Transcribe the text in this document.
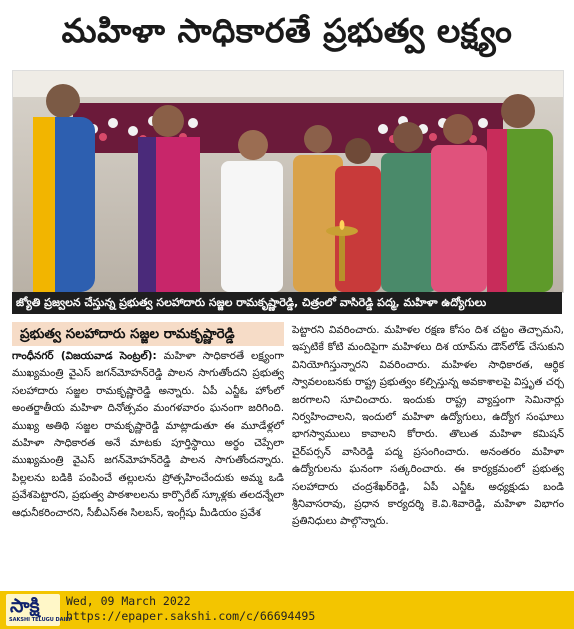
మహిళా సాధికారతే ప్రభుత్వ లక్ష్యం
జ్యోతి ప్రజ్వలన చేస్తున్న ప్రభుత్వ సలహాదారు సజ్జల రామకృష్ణారెడ్డి, చిత్రంలో వాసిరెడ్డి పద్మ, మహిళా ఉద్యోగులు
ప్రభుత్వ సలహాదారు సజ్జల రామకృష్ణారెడ్డి

గాంధీనగర్ (విజయవాడ సెంట్రల్): మహిళా సాధికారతే లక్ష్యంగా ముఖ్యమంత్రి వైఎస్ జగన్‌మోహన్‌రెడ్డి పాలన సాగుతోందని ప్రభుత్వ సలహాదారు సజ్జల రామకృష్ణారెడ్డి అన్నారు. ఏపీ ఎన్జీఓ హోంలో అంతర్జాతీయ మహిళా దినోత్సవం మంగళవారం ఘనంగా జరిగింది. ముఖ్య అతిథి సజ్జల రామకృష్ణారెడ్డి మాట్లాడుతూ ఈ మూడేళ్లలో మహిళా సాధికారత అనే మాటకు పూర్తిస్థాయి అర్థం చెప్పేలా ముఖ్యమంత్రి వైఎస్ జగన్‌మోహన్‌రెడ్డి పాలన సాగుతోందన్నారు. పిల్లలను బడికి పంపించే తల్లులను ప్రోత్సహించేందుకు అమ్మ ఒడి ప్రవేశపెట్టారని, ప్రభుత్వ పాఠశాలలను కార్పొరేట్ స్కూళ్లకు తలదన్నేలా ఆధునీకరించారని, సీబీఎస్ఈ సిలబస్, ఇంగ్లీషు మీడియం ప్రవేశ

పెట్టారని వివరించారు. మహిళల రక్షణ కోసం దిశ చట్టం తెచ్చామని, ఇప్పటికే కోటి మందిపైగా మహిళలు దిశ యాప్‌ను డౌన్‌లోడ్ చేసుకుని వినియోగిస్తున్నారని వివరించారు. మహిళల సాధికారత, ఆర్థిక స్వావలంబనకు రాష్ట్ర ప్రభుత్వం కల్పిస్తున్న అవకాశాలపై విస్తృత చర్చ జరగాలని సూచించారు. ఇందుకు రాష్ట్ర వ్యాప్తంగా సెమినార్లు నిర్వహించాలని, ఇందులో మహిళా ఉద్యోగులు, ఉద్యోగ సంఘాలు భాగస్వాములు కావాలని కోరారు. తొలుత మహిళా కమిషన్ చైర్‌పర్సన్ వాసిరెడ్డి పద్మ ప్రసంగించారు. అనంతరం మహిళా ఉద్యోగులను ఘనంగా సత్కరించారు. ఈ కార్యక్రమంలో ప్రభుత్వ సలహాదారు చంద్రశేఖర్‌రెడ్డి, ఏపీ ఎన్జీఓ అధ్యక్షుడు బండి శ్రీనివాసరావు, ప్రధాన కార్యదర్శి కె.వి.శివారెడ్డి, మహిళా విభాగం ప్రతినిధులు పాల్గొన్నారు.

సాక్షి
SAKSHI TELUGU DAILY
Wed, 09 March 2022
https://epaper.sakshi.com/c/66694495
